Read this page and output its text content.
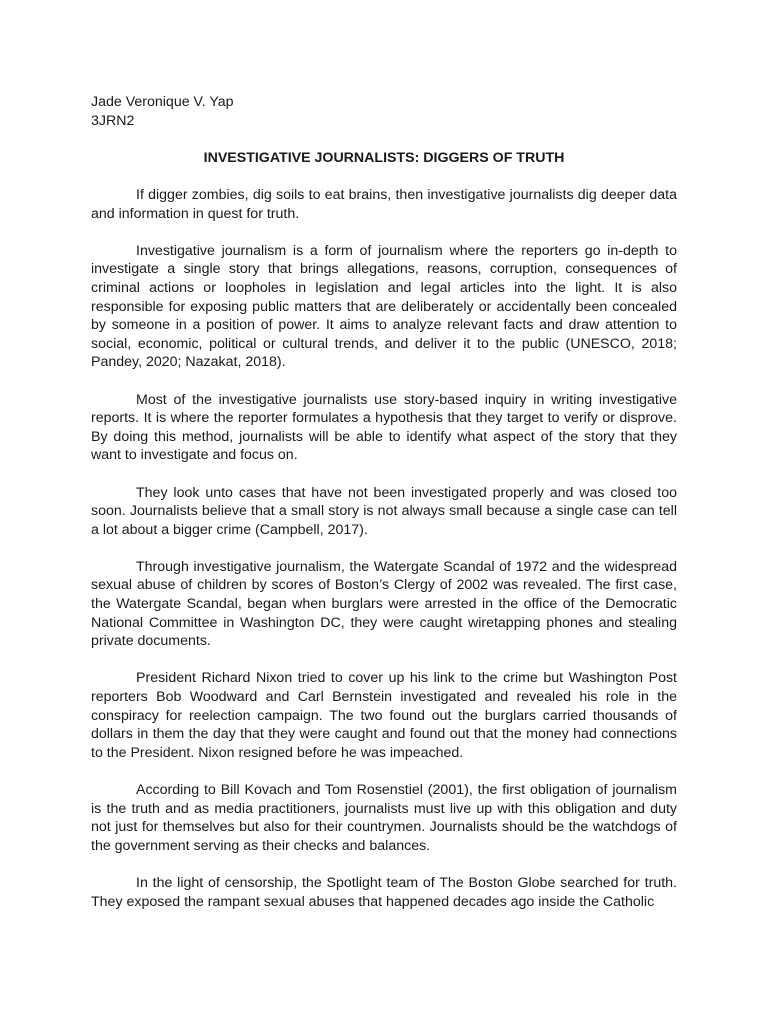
Jade Veronique V. Yap
3JRN2
INVESTIGATIVE JOURNALISTS: DIGGERS OF TRUTH

If digger zombies, dig soils to eat brains, then investigative journalists dig deeper data and information in quest for truth.

Investigative journalism is a form of journalism where the reporters go in-depth to investigate a single story that brings allegations, reasons, corruption, consequences of criminal actions or loopholes in legislation and legal articles into the light. It is also responsible for exposing public matters that are deliberately or accidentally been concealed by someone in a position of power. It aims to analyze relevant facts and draw attention to social, economic, political or cultural trends, and deliver it to the public (UNESCO, 2018; Pandey, 2020; Nazakat, 2018).

Most of the investigative journalists use story-based inquiry in writing investigative reports. It is where the reporter formulates a hypothesis that they target to verify or disprove. By doing this method, journalists will be able to identify what aspect of the story that they want to investigate and focus on.

They look unto cases that have not been investigated properly and was closed too soon. Journalists believe that a small story is not always small because a single case can tell a lot about a bigger crime (Campbell, 2017).

Through investigative journalism, the Watergate Scandal of 1972 and the widespread sexual abuse of children by scores of Boston’s Clergy of 2002 was revealed. The first case, the Watergate Scandal, began when burglars were arrested in the office of the Democratic National Committee in Washington DC, they were caught wiretapping phones and stealing private documents.

President Richard Nixon tried to cover up his link to the crime but Washington Post reporters Bob Woodward and Carl Bernstein investigated and revealed his role in the conspiracy for reelection campaign. The two found out the burglars carried thousands of dollars in them the day that they were caught and found out that the money had connections to the President. Nixon resigned before he was impeached.

According to Bill Kovach and Tom Rosenstiel (2001), the first obligation of journalism is the truth and as media practitioners, journalists must live up with this obligation and duty not just for themselves but also for their countrymen. Journalists should be the watchdogs of the government serving as their checks and balances.

In the light of censorship, the Spotlight team of The Boston Globe searched for truth. They exposed the rampant sexual abuses that happened decades ago inside the Catholic
